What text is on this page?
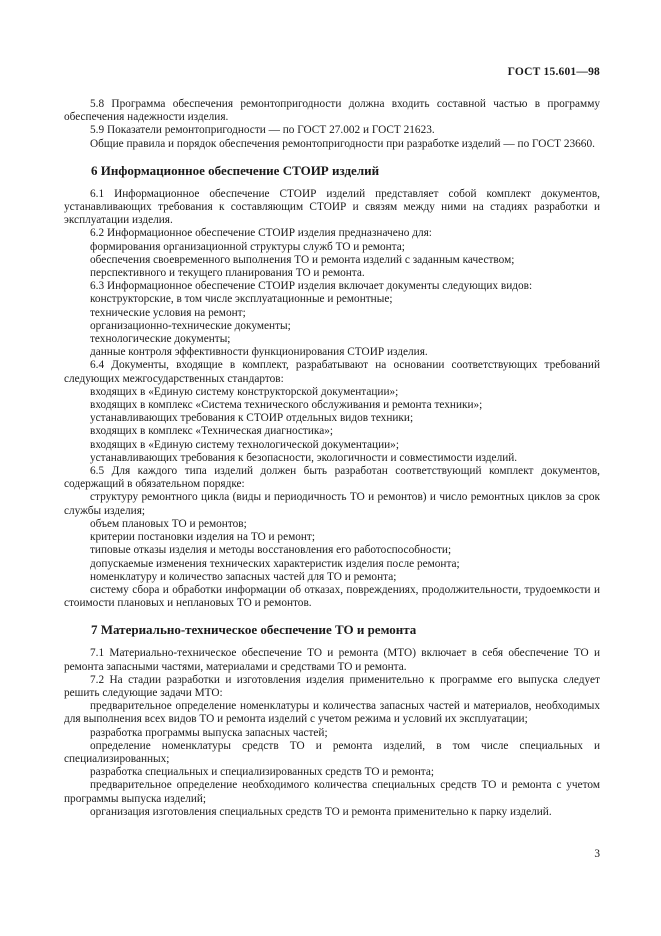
ГОСТ 15.601—98

5.8 Программа обеспечения ремонтопригодности должна входить составной частью в программу обеспечения надежности изделия.

5.9 Показатели ремонтопригодности — по ГОСТ 27.002 и ГОСТ 21623.

Общие правила и порядок обеспечения ремонтопригодности при разработке изделий — по ГОСТ 23660.

6 Информационное обеспечение СТОИР изделий

6.1 Информационное обеспечение СТОИР изделий представляет собой комплект документов, устанавливающих требования к составляющим СТОИР и связям между ними на стадиях разработки и эксплуатации изделия.

6.2 Информационное обеспечение СТОИР изделия предназначено для:

формирования организационной структуры служб ТО и ремонта;

обеспечения своевременного выполнения ТО и ремонта изделий с заданным качеством;

перспективного и текущего планирования ТО и ремонта.

6.3 Информационное обеспечение СТОИР изделия включает документы следующих видов:

конструкторские, в том числе эксплуатационные и ремонтные;

технические условия на ремонт;

организационно-технические документы;

технологические документы;

данные контроля эффективности функционирования СТОИР изделия.

6.4 Документы, входящие в комплект, разрабатывают на основании соответствующих требований следующих межгосударственных стандартов:

входящих в «Единую систему конструкторской документации»;

входящих в комплекс «Система технического обслуживания и ремонта техники»;

устанавливающих требования к СТОИР отдельных видов техники;

входящих в комплекс «Техническая диагностика»;

входящих в «Единую систему технологической документации»;

устанавливающих требования к безопасности, экологичности и совместимости изделий.

6.5 Для каждого типа изделий должен быть разработан соответствующий комплект документов, содержащий в обязательном порядке:

структуру ремонтного цикла (виды и периодичность ТО и ремонтов) и число ремонтных циклов за срок службы изделия;

объем плановых ТО и ремонтов;

критерии постановки изделия на ТО и ремонт;

типовые отказы изделия и методы восстановления его работоспособности;

допускаемые изменения технических характеристик изделия после ремонта;

номенклатуру и количество запасных частей для ТО и ремонта;

систему сбора и обработки информации об отказах, повреждениях, продолжительности, трудоемкости и стоимости плановых и неплановых ТО и ремонтов.

7 Материально-техническое обеспечение ТО и ремонта

7.1 Материально-техническое обеспечение ТО и ремонта (МТО) включает в себя обеспечение ТО и ремонта запасными частями, материалами и средствами ТО и ремонта.

7.2 На стадии разработки и изготовления изделия применительно к программе его выпуска следует решить следующие задачи МТО:

предварительное определение номенклатуры и количества запасных частей и материалов, необходимых для выполнения всех видов ТО и ремонта изделий с учетом режима и условий их эксплуатации;

разработка программы выпуска запасных частей;

определение номенклатуры средств ТО и ремонта изделий, в том числе специальных и специализированных;

разработка специальных и специализированных средств ТО и ремонта;

предварительное определение необходимого количества специальных средств ТО и ремонта с учетом программы выпуска изделий;

организация изготовления специальных средств ТО и ремонта применительно к парку изделий.

3
